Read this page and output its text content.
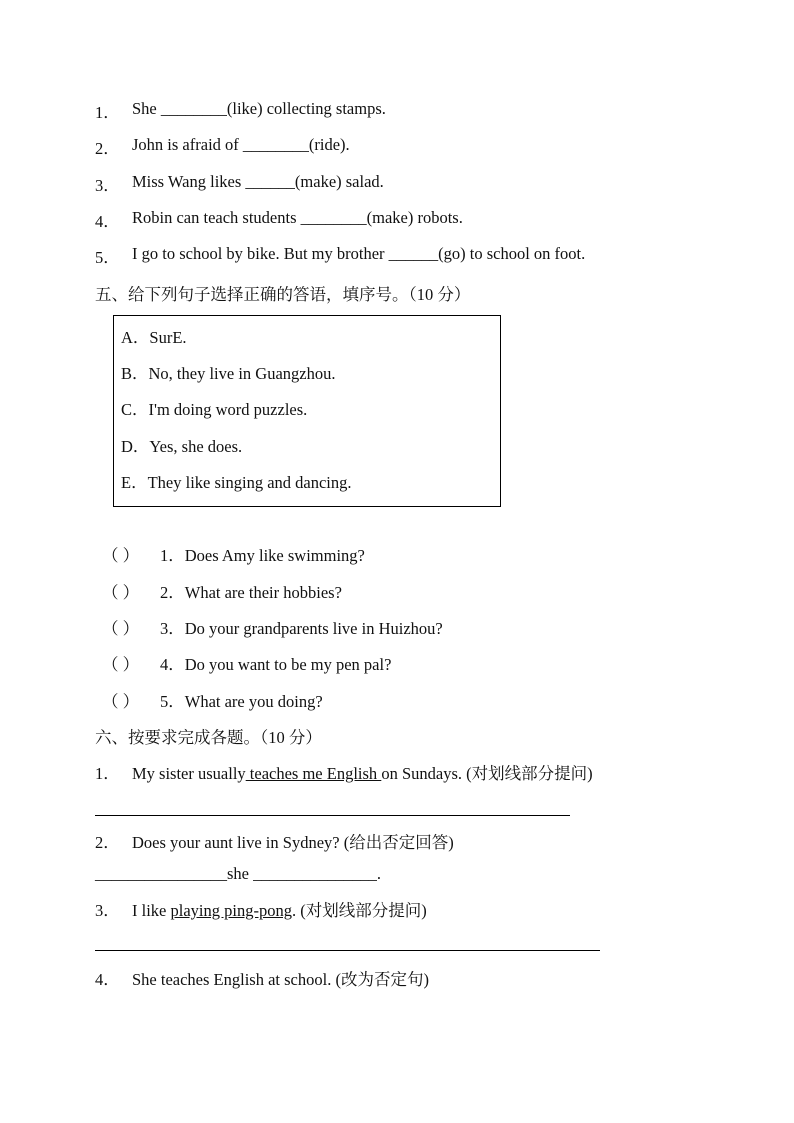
1． She ________(like) collecting stamps.
2． John is afraid of ________(ride).
3． Miss Wang likes ______(make) salad.
4． Robin can teach students ________(make) robots.
5． I go to school by bike. But my brother ______(go) to school on foot.
五、给下列句子选择正确的答语，填序号。（10 分）
A．SurE.
B．No, they live in Guangzhou.
C．I'm doing word puzzles.
D．Yes, she does.
E．They like singing and dancing.
（ ） 1．Does Amy like swimming?
（ ） 2．What are their hobbies?
（ ） 3．Do your grandparents live in Huizhou?
（ ） 4．Do you want to be my pen pal?
（ ） 5．What are you doing?
六、按要求完成各题。（10 分）
1． My sister usually teaches me English on Sundays. (对划线部分提问)
2． Does your aunt live in Sydney? (给出否定回答)
________________she _______________.
3． I like playing ping-pong. (对划线部分提问)
4． She teaches English at school. (改为否定句)
